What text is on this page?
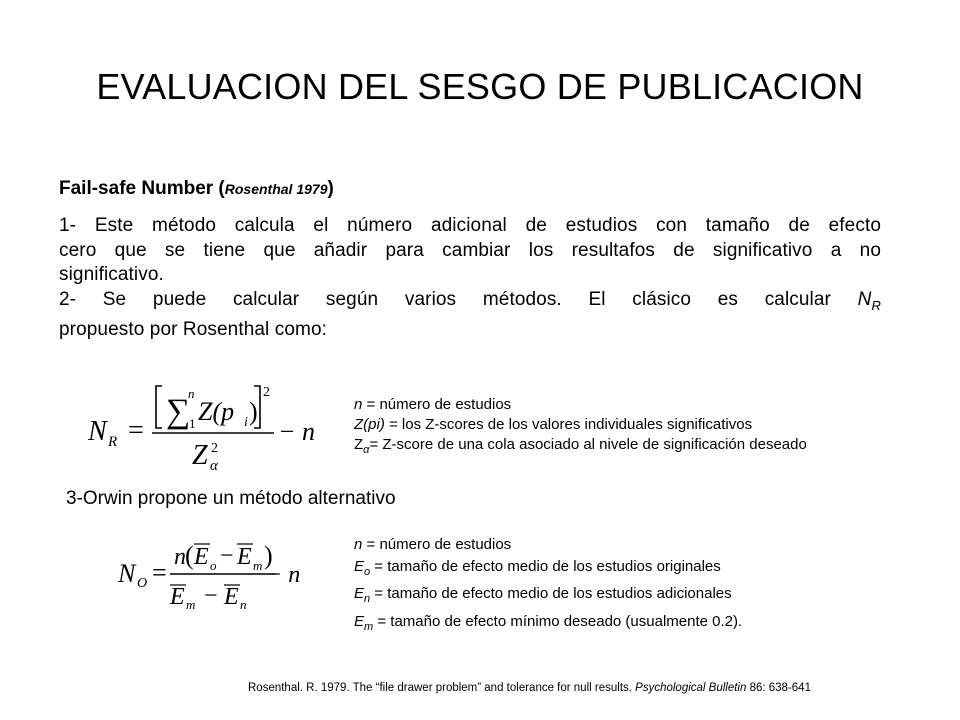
EVALUACION DEL SESGO DE PUBLICACION
Fail-safe Number (Rosenthal 1979)
1- Este método calcula el número adicional de estudios con tamaño de efecto
cero que se tiene que añadir para cambiar los resultafos de significativo a no
significativo.
2- Se puede calcular según varios métodos. El clásico es calcular $N_R$
propuesto por Rosenthal como:
N R =
∑
n
1 Z(p i )
2
Z 2
α
− n
n = número de estudios
Z(pi) = los Z-scores de los valores individuales significativos
$Z_\alpha=$ Z-score de una cola asociado al nivele de significación deseado
3-Orwin propone un método alternativo
N O =
n ( E o − E m )
E m − E n
− n
n = número de estudios
$E_o$ = tamaño de efecto medio de los estudios originales
$E_n$ = tamaño de efecto medio de los estudios adicionales
$E_m$ = tamaño de efecto mínimo deseado (usualmente 0.2).
Rosenthal. R. 1979. The “file drawer problem” and tolerance for null results. Psychological Bulletin 86: 638-641
